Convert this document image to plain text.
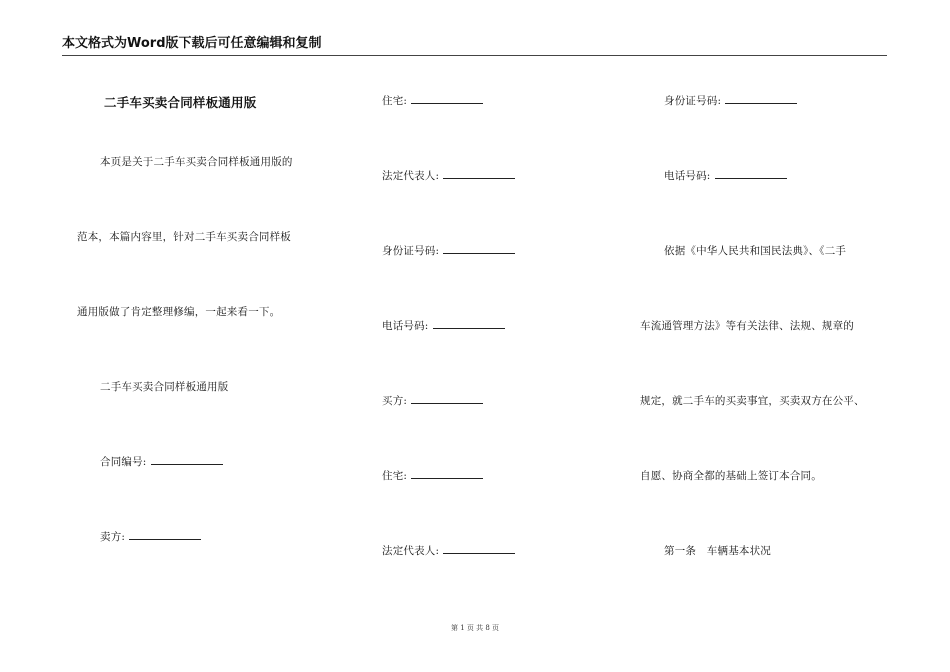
本文格式为Word版下载后可任意编辑和复制
二手车买卖合同样板通用版
本页是关于二手车买卖合同样板通用版的
范本，本篇内容里，针对二手车买卖合同样板
通用版做了肯定整理修编，一起来看一下。
二手车买卖合同样板通用版
合同编号:
卖方:
住宅:
法定代表人:
身份证号码:
电话号码:
买方:
住宅:
法定代表人:
身份证号码:
电话号码:
依据《中华人民共和国民法典》、《二手
车流通管理方法》等有关法律、法规、规章的
规定，就二手车的买卖事宜，买卖双方在公平、
自愿、协商全都的基础上签订本合同。
第一条　车辆基本状况
第 1 页 共 8 页
